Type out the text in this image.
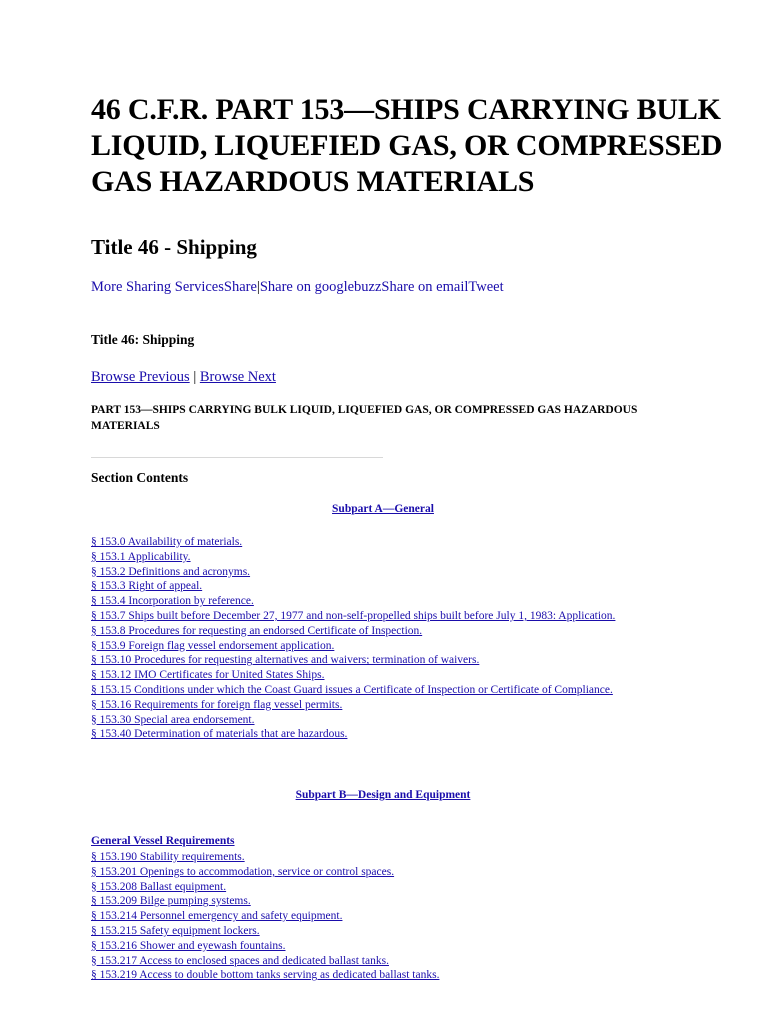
46 C.F.R. PART 153—SHIPS CARRYING BULK LIQUID, LIQUEFIED GAS, OR COMPRESSED GAS HAZARDOUS MATERIALS
Title 46 - Shipping
More Sharing ServicesShare|Share on googlebuzzShare on emailTweet
Title 46: Shipping
Browse Previous | Browse Next
PART 153—SHIPS CARRYING BULK LIQUID, LIQUEFIED GAS, OR COMPRESSED GAS HAZARDOUS MATERIALS
Section Contents
Subpart A—General
§ 153.0 Availability of materials.
§ 153.1 Applicability.
§ 153.2 Definitions and acronyms.
§ 153.3 Right of appeal.
§ 153.4 Incorporation by reference.
§ 153.7 Ships built before December 27, 1977 and non-self-propelled ships built before July 1, 1983: Application.
§ 153.8 Procedures for requesting an endorsed Certificate of Inspection.
§ 153.9 Foreign flag vessel endorsement application.
§ 153.10 Procedures for requesting alternatives and waivers; termination of waivers.
§ 153.12 IMO Certificates for United States Ships.
§ 153.15 Conditions under which the Coast Guard issues a Certificate of Inspection or Certificate of Compliance.
§ 153.16 Requirements for foreign flag vessel permits.
§ 153.30 Special area endorsement.
§ 153.40 Determination of materials that are hazardous.
Subpart B—Design and Equipment
General Vessel Requirements
§ 153.190 Stability requirements.
§ 153.201 Openings to accommodation, service or control spaces.
§ 153.208 Ballast equipment.
§ 153.209 Bilge pumping systems.
§ 153.214 Personnel emergency and safety equipment.
§ 153.215 Safety equipment lockers.
§ 153.216 Shower and eyewash fountains.
§ 153.217 Access to enclosed spaces and dedicated ballast tanks.
§ 153.219 Access to double bottom tanks serving as dedicated ballast tanks.
